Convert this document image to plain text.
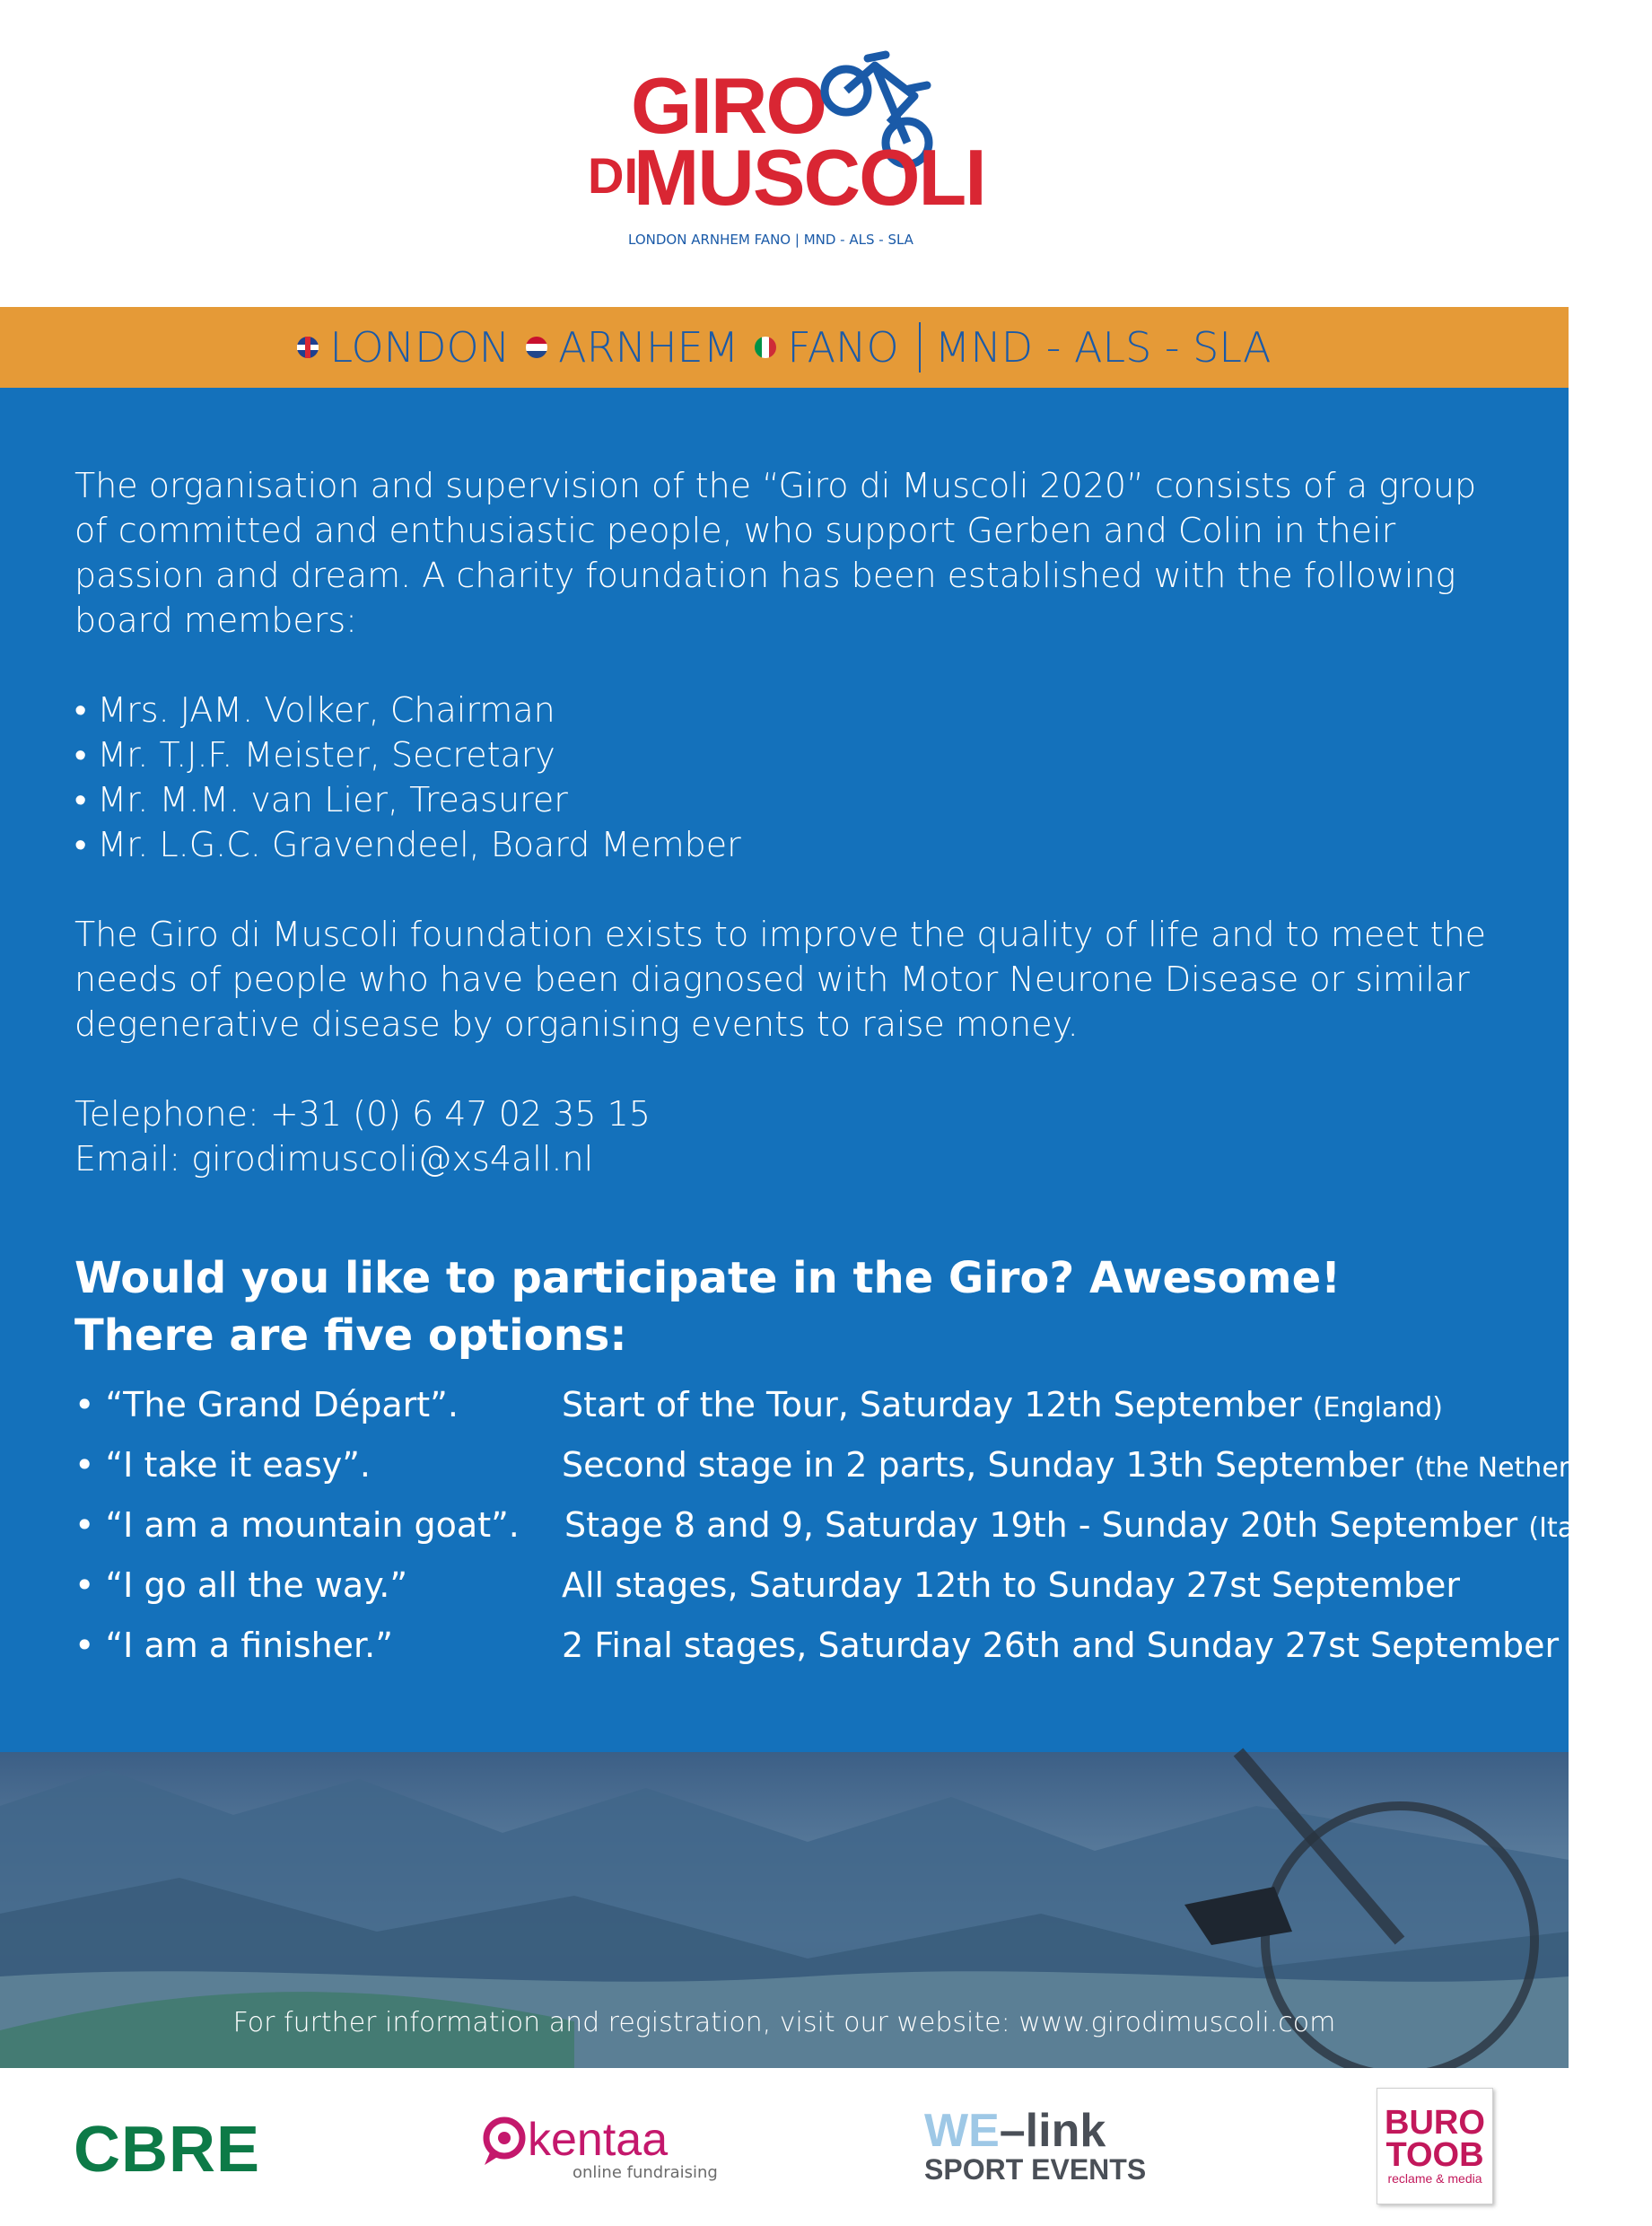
GIRO
DI
MUSCOLI
LONDON ARNHEM FANO | MND - ALS - SLA
LONDON ARNHEM FANO MND - ALS - SLA
The organisation and supervision of the “Giro di Muscoli 2020” consists of a group of committed and enthusiastic people, who support Gerben and Colin in their passion and dream. A charity foundation has been established with the following board members:
• Mrs. JAM. Volker, Chairman
• Mr. T.J.F. Meister, Secretary
• Mr. M.M. van Lier, Treasurer
• Mr. L.G.C. Gravendeel, Board Member
The Giro di Muscoli foundation exists to improve the quality of life and to meet the needs of people who have been diagnosed with Motor Neurone Disease or similar degenerative disease by organising events to raise money.
Telephone: +31 (0) 6 47 02 35 15
Email: girodimuscoli@xs4all.nl
Would you like to participate in the Giro? Awesome!
There are five options:
• “The Grand Départ”.	Start of the Tour, Saturday 12th September (England)
• “I take it easy”.	Second stage in 2 parts, Sunday 13th September (the Netherlands)
• “I am a mountain goat”. Stage 8 and 9, Saturday 19th - Sunday 20th September (Italy)
• “I go all the way.”	All stages, Saturday 12th to Sunday 27st September
• “I am a finisher.”	2 Final stages, Saturday 26th and Sunday 27st September (Italy)
For further information and registration, visit our website: www.girodimuscoli.com
CBRE	kentaa
online fundraising
WE–link
SPORT EVENTS
BURO
TOOB
reclame & media
